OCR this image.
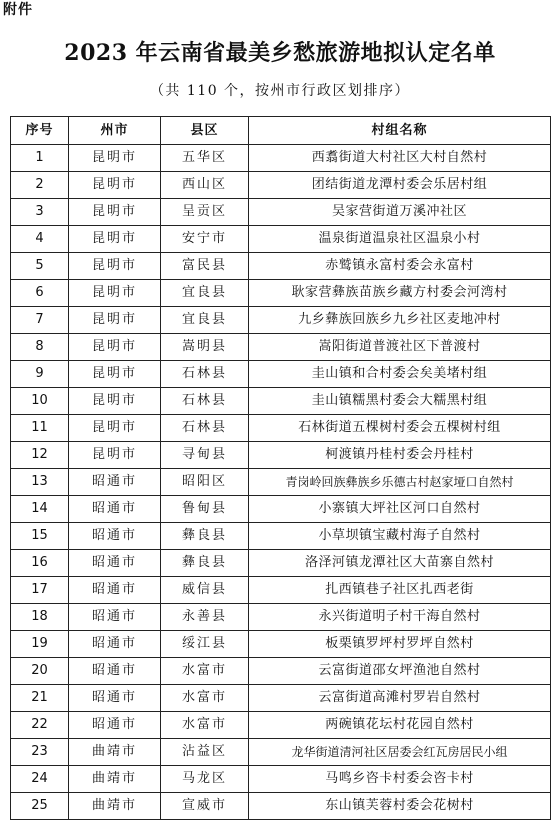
附件
2023 年云南省最美乡愁旅游地拟认定名单
（共 110 个，按州市行政区划排序）
序号	州市	县区	村组名称
1	昆明市	五华区	西翥街道大村社区大村自然村
2	昆明市	西山区	团结街道龙潭村委会乐居村组
3	昆明市	呈贡区	吴家营街道万溪冲社区
4	昆明市	安宁市	温泉街道温泉社区温泉小村
5	昆明市	富民县	赤鹫镇永富村委会永富村
6	昆明市	宜良县	耿家营彝族苗族乡藏方村委会河湾村
7	昆明市	宜良县	九乡彝族回族乡九乡社区麦地冲村
8	昆明市	嵩明县	嵩阳街道普渡社区下普渡村
9	昆明市	石林县	圭山镇和合村委会矣美堵村组
10	昆明市	石林县	圭山镇糯黑村委会大糯黑村组
11	昆明市	石林县	石林街道五棵树村委会五棵树村组
12	昆明市	寻甸县	柯渡镇丹桂村委会丹桂村
13	昭通市	昭阳区	青岗岭回族彝族乡乐德古村赵家垭口自然村
14	昭通市	鲁甸县	小寨镇大坪社区河口自然村
15	昭通市	彝良县	小草坝镇宝藏村海子自然村
16	昭通市	彝良县	洛泽河镇龙潭社区大苗寨自然村
17	昭通市	威信县	扎西镇巷子社区扎西老街
18	昭通市	永善县	永兴街道明子村干海自然村
19	昭通市	绥江县	板栗镇罗坪村罗坪自然村
20	昭通市	水富市	云富街道邵女坪渔池自然村
21	昭通市	水富市	云富街道高滩村罗岩自然村
22	昭通市	水富市	两碗镇花坛村花园自然村
23	曲靖市	沾益区	龙华街道清河社区居委会红瓦房居民小组
24	曲靖市	马龙区	马鸣乡咨卡村委会咨卡村
25	曲靖市	宣威市	东山镇芙蓉村委会花树村
